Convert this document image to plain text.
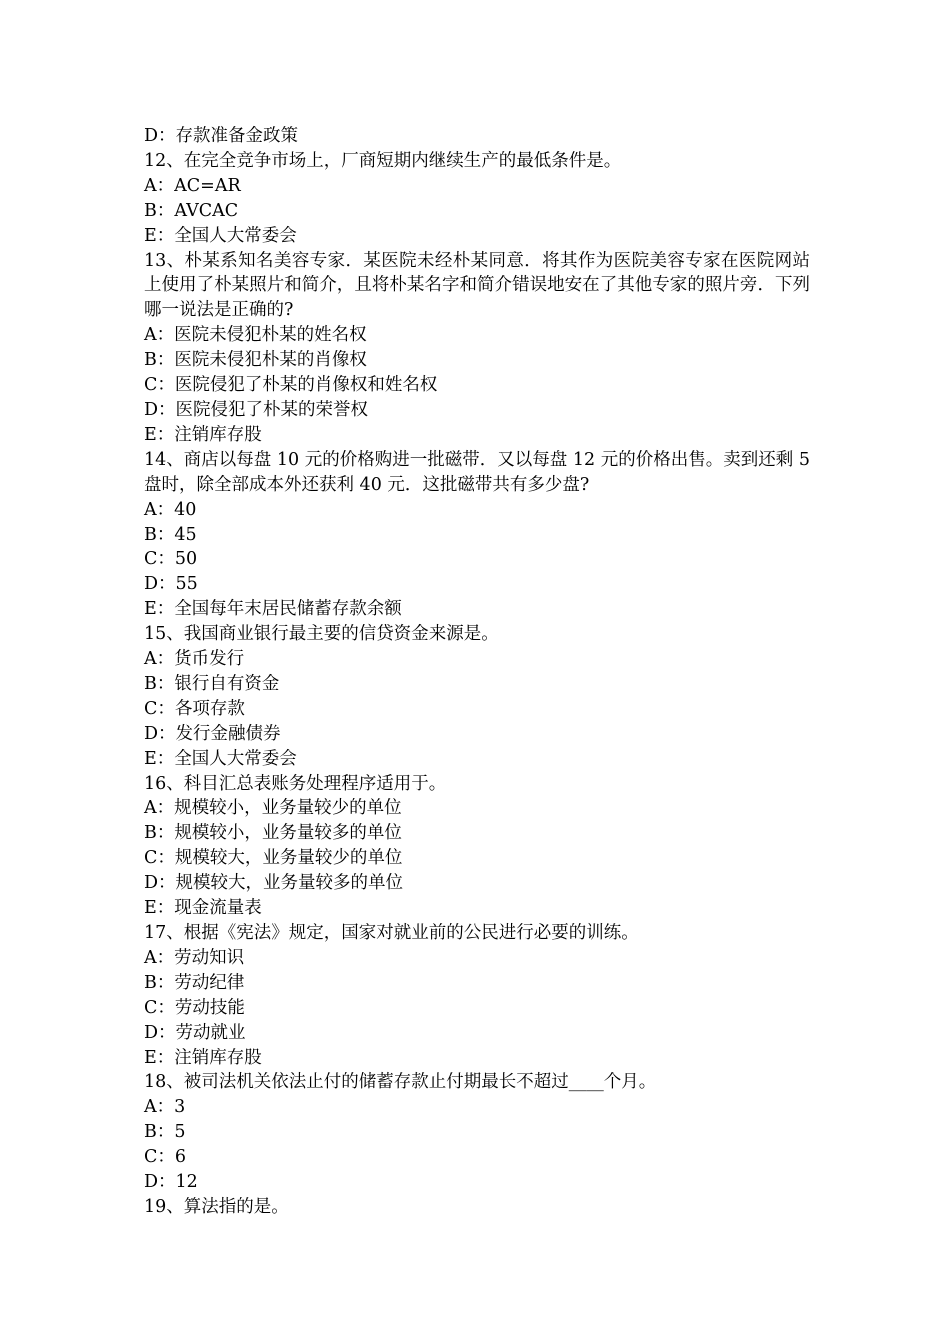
D：存款准备金政策
12、在完全竞争市场上，厂商短期内继续生产的最低条件是。
A：AC=AR
B：AVCAC
E：全国人大常委会
13、朴某系知名美容专家．某医院未经朴某同意．将其作为医院美容专家在医院网站上使用了朴某照片和简介，且将朴某名字和简介错误地安在了其他专家的照片旁．下列哪一说法是正确的?
A：医院未侵犯朴某的姓名权
B：医院未侵犯朴某的肖像权
C：医院侵犯了朴某的肖像权和姓名权
D：医院侵犯了朴某的荣誉权
E：注销库存股
14、商店以每盘 10 元的价格购进一批磁带．又以每盘 12 元的价格出售。卖到还剩 5 盘时，除全部成本外还获利 40 元．这批磁带共有多少盘?
A：40
B：45
C：50
D：55
E：全国每年末居民储蓄存款余额
15、我国商业银行最主要的信贷资金来源是。
A：货币发行
B：银行自有资金
C：各项存款
D：发行金融债券
E：全国人大常委会
16、科目汇总表账务处理程序适用于。
A：规模较小，业务量较少的单位
B：规模较小，业务量较多的单位
C：规模较大，业务量较少的单位
D：规模较大，业务量较多的单位
E：现金流量表
17、根据《宪法》规定，国家对就业前的公民进行必要的训练。
A：劳动知识
B：劳动纪律
C：劳动技能
D：劳动就业
E：注销库存股
18、被司法机关依法止付的储蓄存款止付期最长不超过____个月。
A：3
B：5
C：6
D：12
19、算法指的是。
